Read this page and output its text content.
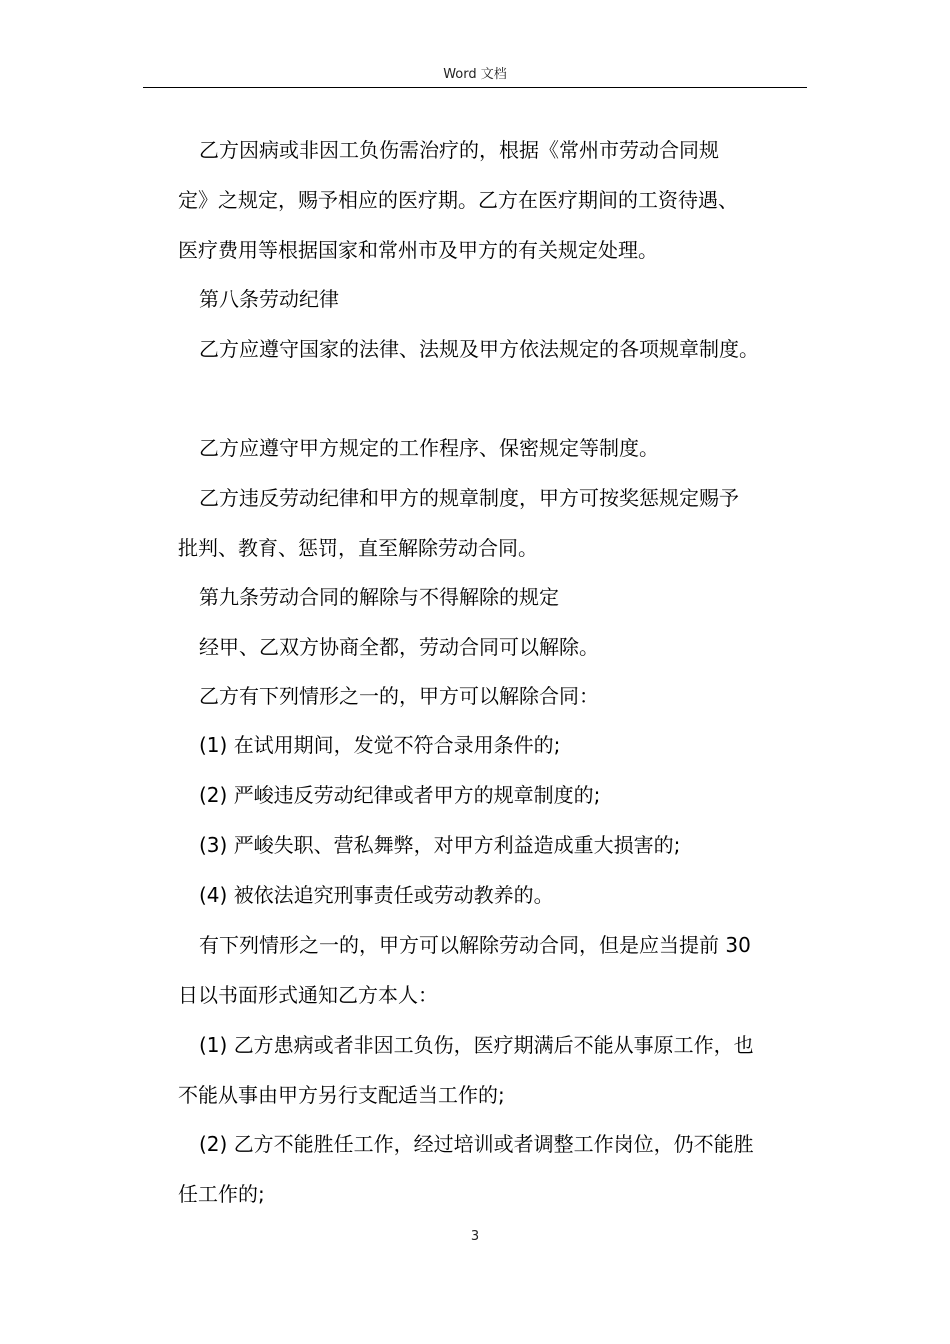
Word 文档

乙方因病或非因工负伤需治疗的，根据《常州市劳动合同规
定》之规定，赐予相应的医疗期。乙方在医疗期间的工资待遇、
医疗费用等根据国家和常州市及甲方的有关规定处理。

第八条劳动纪律

乙方应遵守国家的法律、法规及甲方依法规定的各项规章制度。

乙方应遵守甲方规定的工作程序、保密规定等制度。

乙方违反劳动纪律和甲方的规章制度，甲方可按奖惩规定赐予
批判、教育、惩罚，直至解除劳动合同。

第九条劳动合同的解除与不得解除的规定

经甲、乙双方协商全都，劳动合同可以解除。

乙方有下列情形之一的，甲方可以解除合同：

(1) 在试用期间，发觉不符合录用条件的;

(2) 严峻违反劳动纪律或者甲方的规章制度的;

(3) 严峻失职、营私舞弊，对甲方利益造成重大损害的;

(4) 被依法追究刑事责任或劳动教养的。

有下列情形之一的，甲方可以解除劳动合同，但是应当提前 30
日以书面形式通知乙方本人：

(1) 乙方患病或者非因工负伤，医疗期满后不能从事原工作，也
不能从事由甲方另行支配适当工作的;

(2) 乙方不能胜任工作，经过培训或者调整工作岗位，仍不能胜
任工作的;

3
